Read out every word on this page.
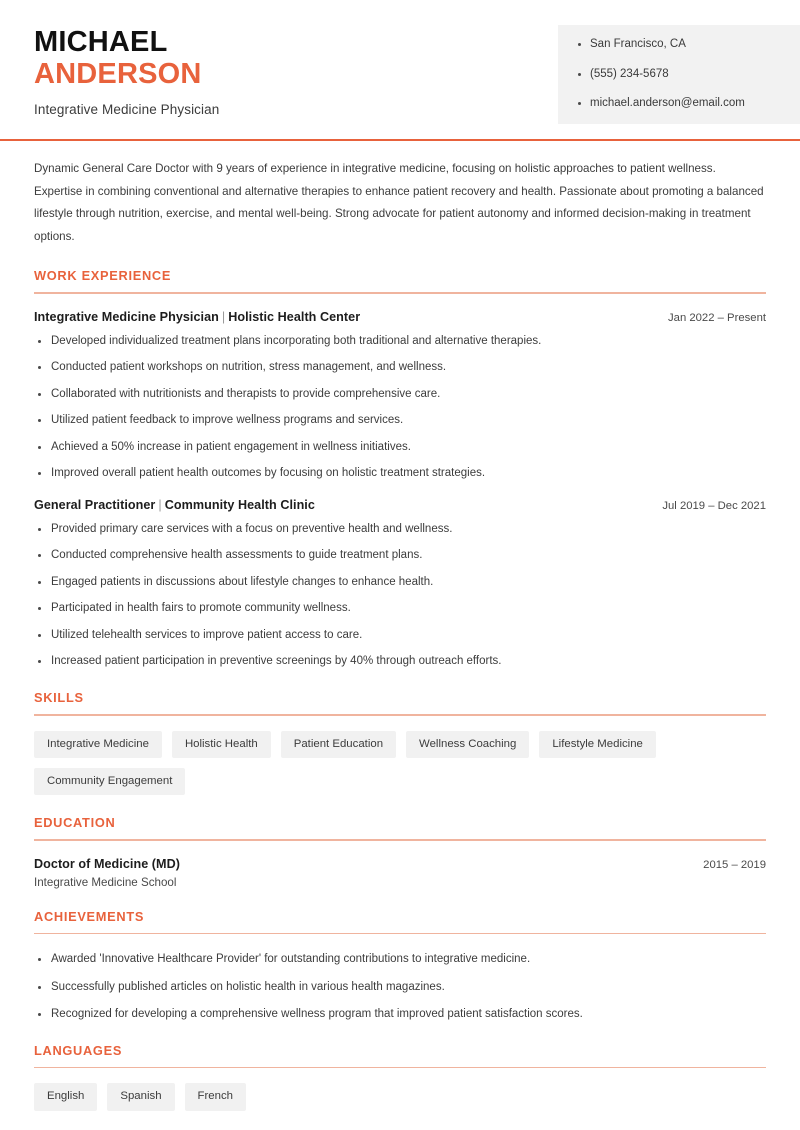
San Francisco, CA
(555) 234-5678
michael.anderson@email.com
MICHAEL
ANDERSON
Integrative Medicine Physician
Dynamic General Care Doctor with 9 years of experience in integrative medicine, focusing on holistic approaches to patient wellness. Expertise in combining conventional and alternative therapies to enhance patient recovery and health. Passionate about promoting a balanced lifestyle through nutrition, exercise, and mental well-being. Strong advocate for patient autonomy and informed decision-making in treatment options.
WORK EXPERIENCE
Integrative Medicine Physician | Holistic Health Center	Jan 2022 – Present
Developed individualized treatment plans incorporating both traditional and alternative therapies.
Conducted patient workshops on nutrition, stress management, and wellness.
Collaborated with nutritionists and therapists to provide comprehensive care.
Utilized patient feedback to improve wellness programs and services.
Achieved a 50% increase in patient engagement in wellness initiatives.
Improved overall patient health outcomes by focusing on holistic treatment strategies.
General Practitioner | Community Health Clinic	Jul 2019 – Dec 2021
Provided primary care services with a focus on preventive health and wellness.
Conducted comprehensive health assessments to guide treatment plans.
Engaged patients in discussions about lifestyle changes to enhance health.
Participated in health fairs to promote community wellness.
Utilized telehealth services to improve patient access to care.
Increased patient participation in preventive screenings by 40% through outreach efforts.
SKILLS
Integrative Medicine	Holistic Health	Patient Education	Wellness Coaching	Lifestyle Medicine
Community Engagement
EDUCATION
Doctor of Medicine (MD)	2015 – 2019
Integrative Medicine School
ACHIEVEMENTS
Awarded 'Innovative Healthcare Provider' for outstanding contributions to integrative medicine.
Successfully published articles on holistic health in various health magazines.
Recognized for developing a comprehensive wellness program that improved patient satisfaction scores.
LANGUAGES
English	Spanish	French
